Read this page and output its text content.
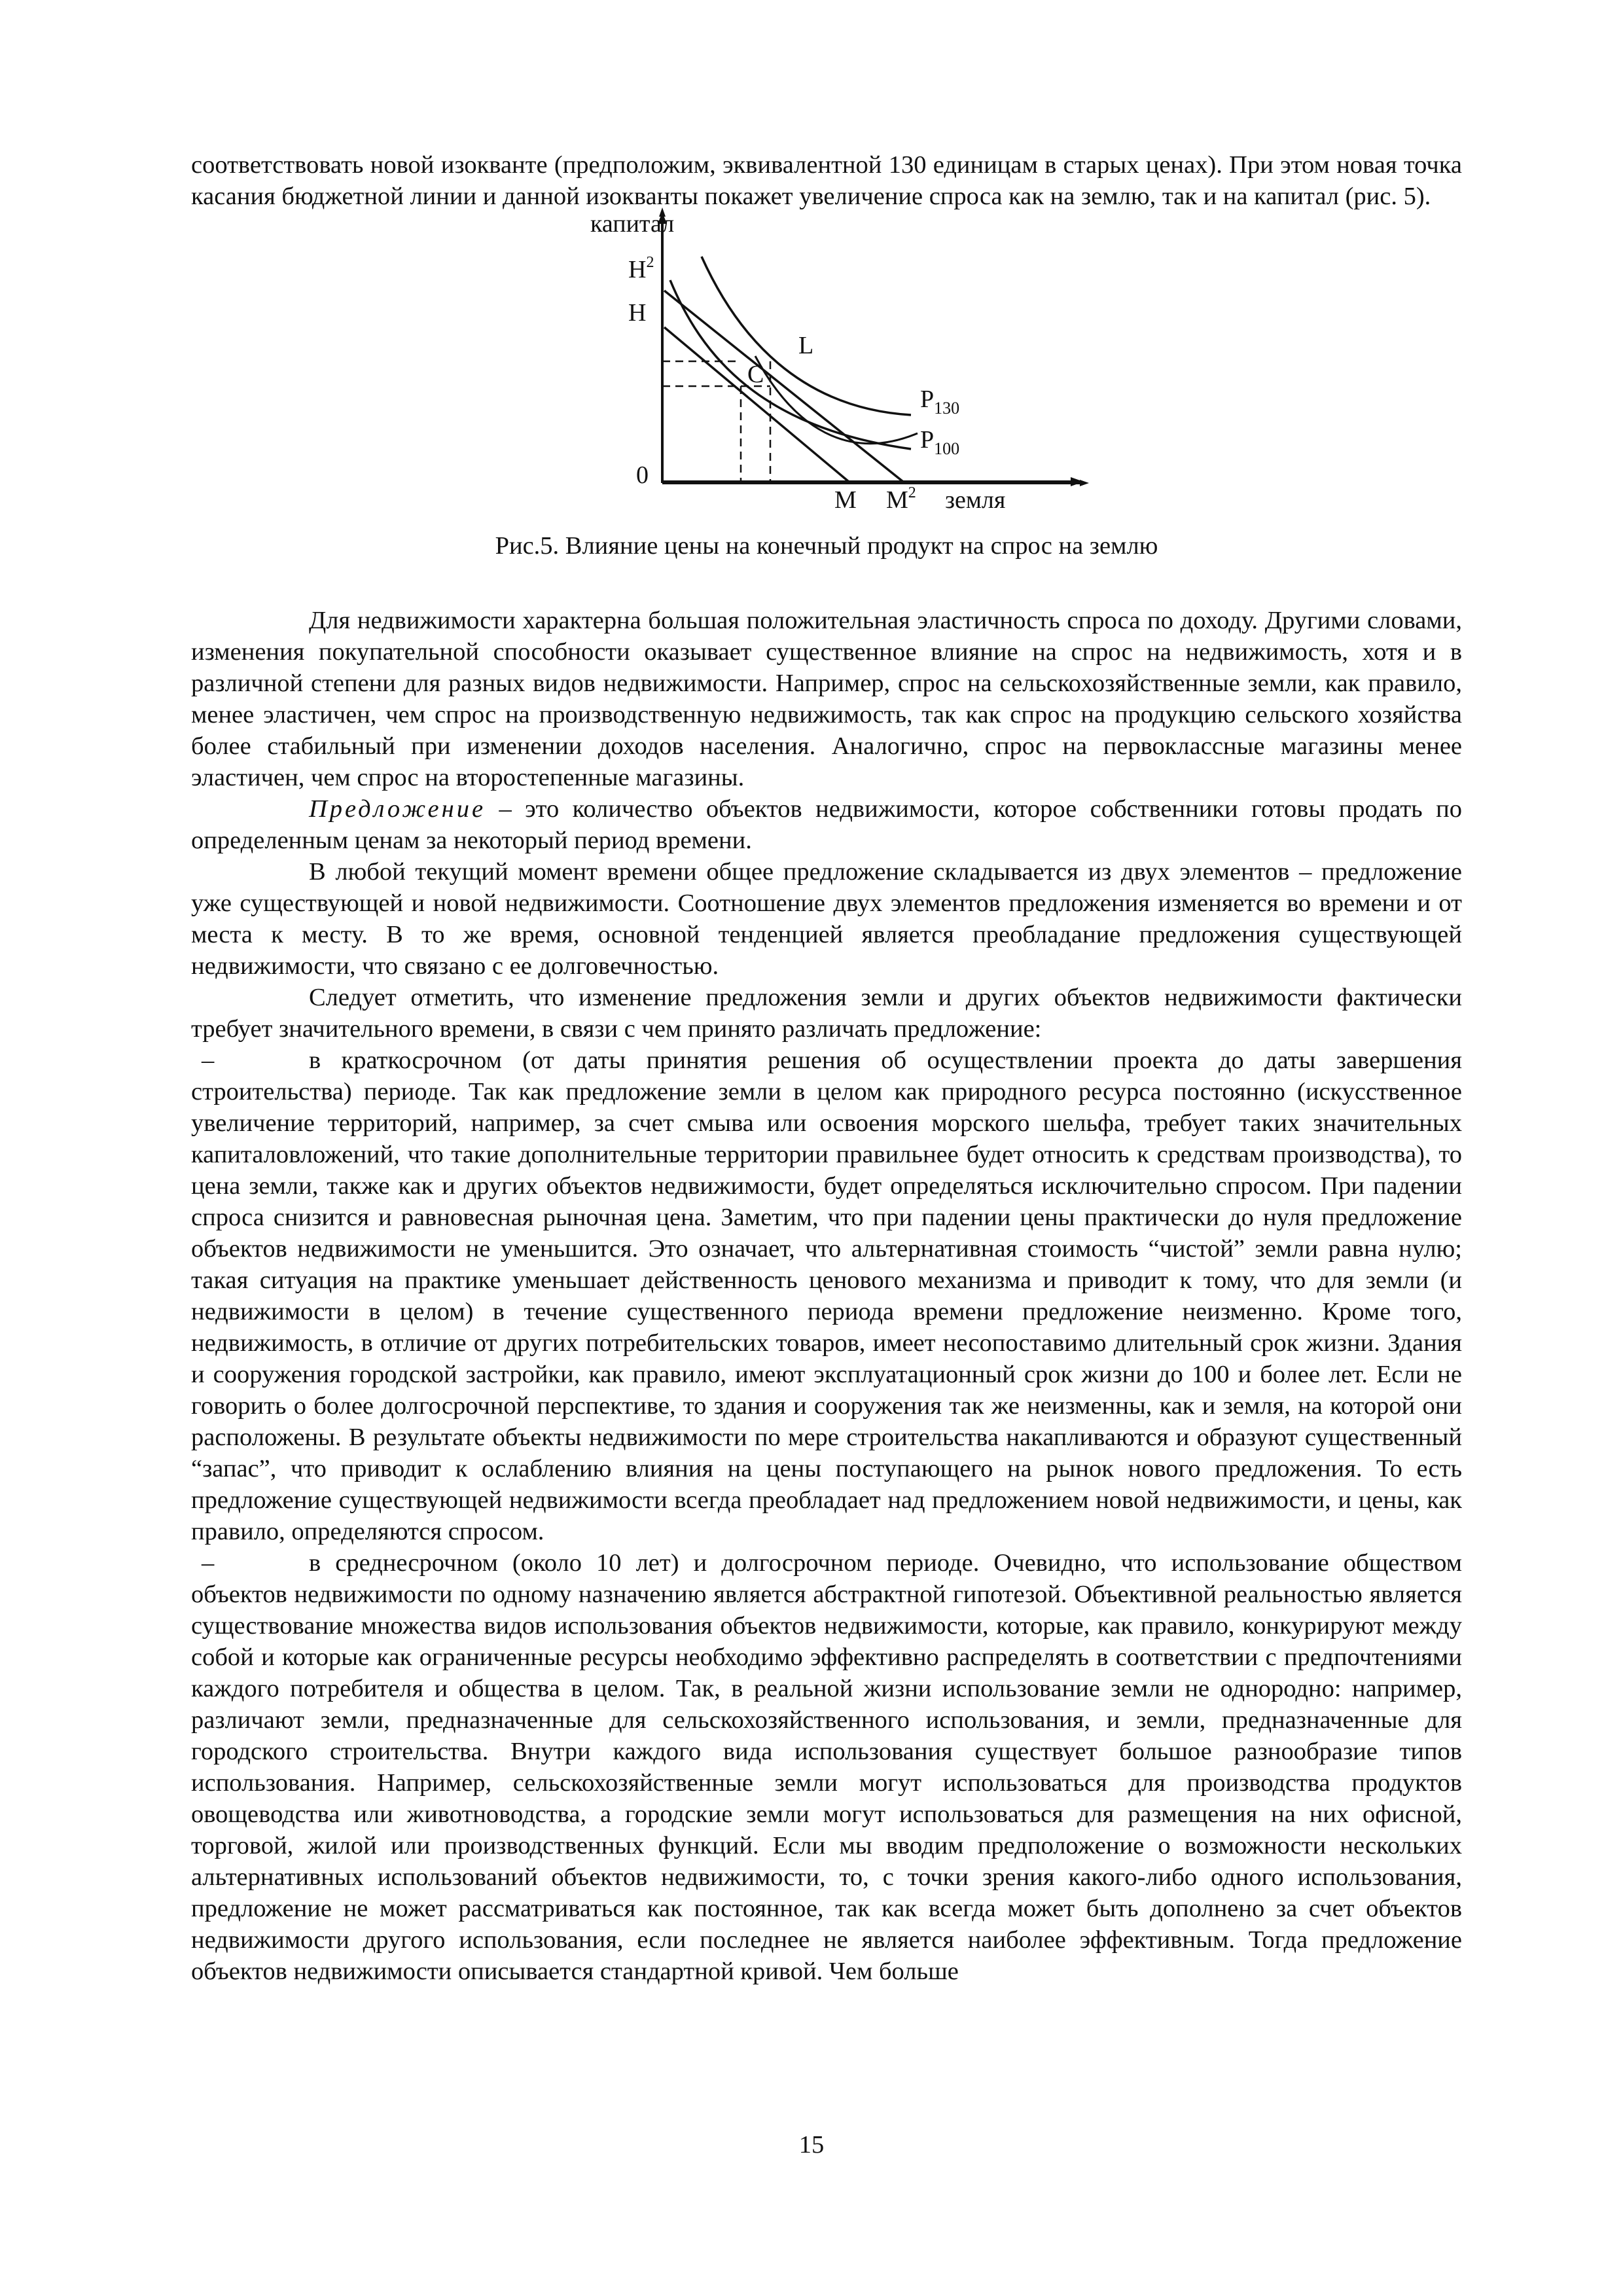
соответствовать новой изокванте (предположим, эквивалентной 130 единицам в старых ценах). При этом новая точка касания бюджетной линии и данной изокванты покажет увеличение спроса как на землю, так и на капитал (рис. 5).

капитал
$H^2$
H
L
C
$P_{130}$
$P_{100}$
0
M $M^2$ земля

Рис.5. Влияние цены на конечный продукт на спрос на землю

Для недвижимости характерна большая положительная эластичность спроса по доходу. Другими словами, изменения покупательной способности оказывает существенное влияние на спрос на недвижимость, хотя и в различной степени для разных видов недвижимости. Например, спрос на сельскохозяйственные земли, как правило, менее эластичен, чем спрос на производственную недвижимость, так как спрос на продукцию сельского хозяйства более стабильный при изменении доходов населения. Аналогично, спрос на первоклассные магазины менее эластичен, чем спрос на второстепенные магазины.

Предложение – это количество объектов недвижимости, которое собственники готовы продать по определенным ценам за некоторый период времени.

В любой текущий момент времени общее предложение складывается из двух элементов – предложение уже существующей и новой недвижимости. Соотношение двух элементов предложения изменяется во времени и от места к месту. В то же время, основной тенденцией является преобладание предложения существующей недвижимости, что связано с ее долговечностью.

Следует отметить, что изменение предложения земли и других объектов недвижимости фактически требует значительного времени, в связи с чем принято различать предложение:

–	в краткосрочном (от даты принятия решения об осуществлении проекта до даты завершения строительства) периоде. Так как предложение земли в целом как природного ресурса постоянно (искусственное увеличение территорий, например, за счет смыва или освоения морского шельфа, требует таких значительных капиталовложений, что такие дополнительные территории правильнее будет относить к средствам производства), то цена земли, также как и других объектов недвижимости, будет определяться исключительно спросом. При падении спроса снизится и равновесная рыночная цена. Заметим, что при падении цены практически до нуля предложение объектов недвижимости не уменьшится. Это означает, что альтернативная стоимость “чистой” земли равна нулю; такая ситуация на практике уменьшает действенность ценового механизма и приводит к тому, что для земли (и недвижимости в целом) в течение существенного периода времени предложение неизменно. Кроме того, недвижимость, в отличие от других потребительских товаров, имеет несопоставимо длительный срок жизни. Здания и сооружения городской застройки, как правило, имеют эксплуатационный срок жизни до 100 и более лет. Если не говорить о более долгосрочной перспективе, то здания и сооружения так же неизменны, как и земля, на которой они расположены. В результате объекты недвижимости по мере строительства накапливаются и образуют существенный “запас”, что приводит к ослаблению влияния на цены поступающего на рынок нового предложения. То есть предложение существующей недвижимости всегда преобладает над предложением новой недвижимости, и цены, как правило, определяются спросом.

–	в среднесрочном (около 10 лет) и долгосрочном периоде. Очевидно, что использование обществом объектов недвижимости по одному назначению является абстрактной гипотезой. Объективной реальностью является существование множества видов использования объектов недвижимости, которые, как правило, конкурируют между собой и которые как ограниченные ресурсы необходимо эффективно распределять в соответствии с предпочтениями каждого потребителя и общества в целом. Так, в реальной жизни использование земли не однородно: например, различают земли, предназначенные для сельскохозяйственного использования, и земли, предназначенные для городского строительства. Внутри каждого вида использования существует большое разнообразие типов использования. Например, сельскохозяйственные земли могут использоваться для производства продуктов овощеводства или животноводства, а городские земли могут использоваться для размещения на них офисной, торговой, жилой или производственных функций. Если мы вводим предположение о возможности нескольких альтернативных использований объектов недвижимости, то, с точки зрения какого-либо одного использования, предложение не может рассматриваться как постоянное, так как всегда может быть дополнено за счет объектов недвижимости другого использования, если последнее не является наиболее эффективным. Тогда предложение объектов недвижимости описывается стандартной кривой. Чем больше

15
